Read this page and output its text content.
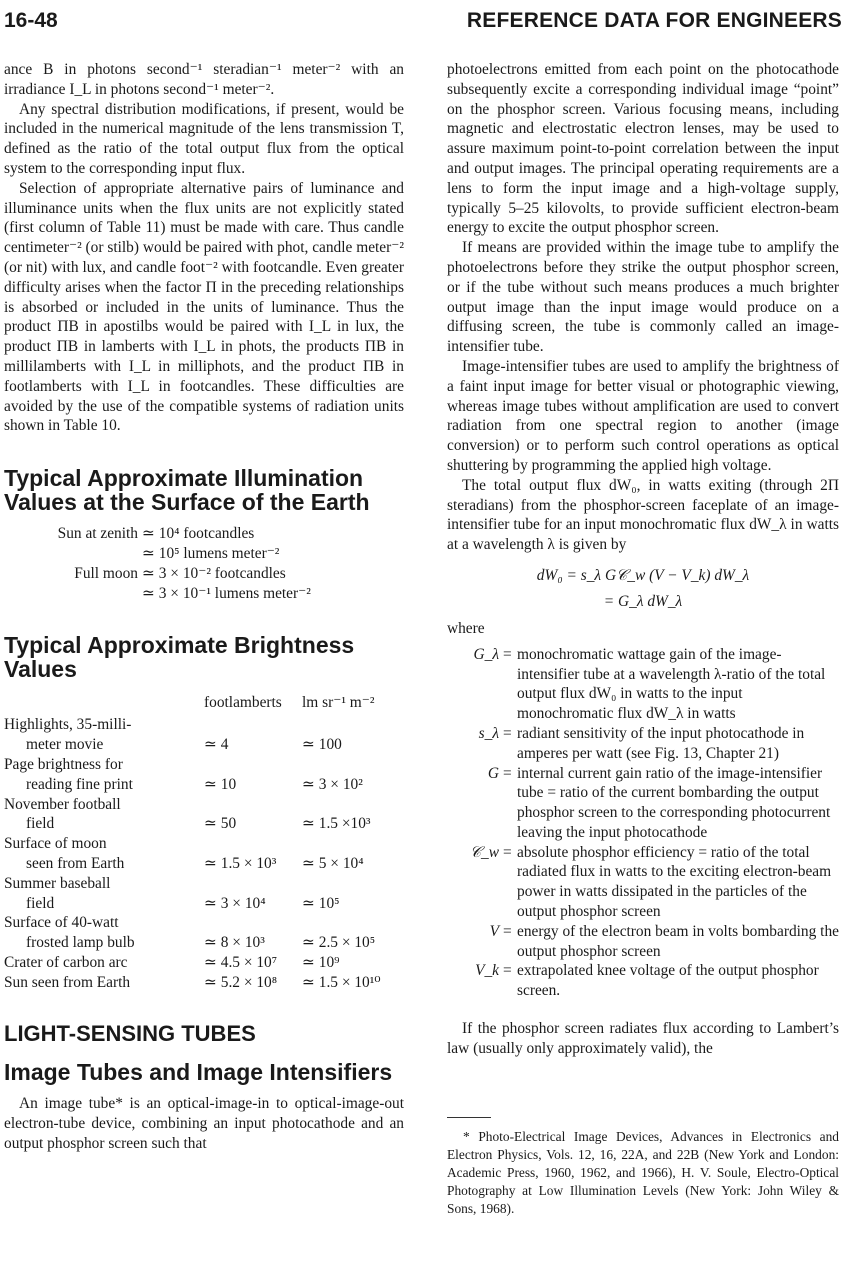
16-48	REFERENCE DATA FOR ENGINEERS

ance B in photons second⁻¹ steradian⁻¹ meter⁻² with an irradiance I_L in photons second⁻¹ meter⁻².

Any spectral distribution modifications, if present, would be included in the numerical magnitude of the lens transmission T, defined as the ratio of the total output flux from the optical system to the corresponding input flux.

Selection of appropriate alternative pairs of luminance and illuminance units when the flux units are not explicitly stated (first column of Table 11) must be made with care. Thus candle centimeter⁻² (or stilb) would be paired with phot, candle meter⁻² (or nit) with lux, and candle foot⁻² with footcandle. Even greater difficulty arises when the factor Π in the preceding relationships is absorbed or included in the units of luminance. Thus the product ΠB in apostilbs would be paired with I_L in lux, the product ΠB in lamberts with I_L in phots, the products ΠB in millilamberts with I_L in milliphots, and the product ΠB in footlamberts with I_L in footcandles. These difficulties are avoided by the use of the compatible systems of radiation units shown in Table 10.

Typical Approximate Illumination Values at the Surface of the Earth
Sun at zenith ≃ 10⁴ footcandles
≃ 10⁵ lumens meter⁻²
Full moon ≃ 3 × 10⁻² footcandles
≃ 3 × 10⁻¹ lumens meter⁻²
Typical Approximate Brightness Values
	footlamberts	lm sr⁻¹ m⁻²

Highlights, 35-milli-
meter movie	≃ 4	≃ 100

Page brightness for
reading fine print	≃ 10	≃ 3 × 10²

November football
field	≃ 50	≃ 1.5 ×10³

Surface of moon
seen from Earth	≃ 1.5 × 10³	≃ 5 × 10⁴

Summer baseball
field	≃ 3 × 10⁴	≃ 10⁵

Surface of 40-watt
frosted lamp bulb	≃ 8 × 10³	≃ 2.5 × 10⁵
Crater of carbon arc	≃ 4.5 × 10⁷	≃ 10⁹
Sun seen from Earth	≃ 5.2 × 10⁸	≃ 1.5 × 10¹⁰
LIGHT-SENSING TUBES
Image Tubes and Image Intensifiers

An image tube* is an optical-image-in to optical-image-out electron-tube device, combining an input photocathode and an output phosphor screen such that

photoelectrons emitted from each point on the photocathode subsequently excite a corresponding individual image “point” on the phosphor screen. Various focusing means, including magnetic and electrostatic electron lenses, may be used to assure maximum point-to-point correlation between the input and output images. The principal operating requirements are a lens to form the input image and a high-voltage supply, typically 5–25 kilovolts, to provide sufficient electron-beam energy to excite the output phosphor screen.

If means are provided within the image tube to amplify the photoelectrons before they strike the output phosphor screen, or if the tube without such means produces a much brighter output image than the input image would produce on a diffusing screen, the tube is commonly called an image-intensifier tube.

Image-intensifier tubes are used to amplify the brightness of a faint input image for better visual or photographic viewing, whereas image tubes without amplification are used to convert radiation from one spectral region to another (image conversion) or to perform such control operations as optical shuttering by programming the applied high voltage.

The total output flux dW₀, in watts exiting (through 2Π steradians) from the phosphor-screen faceplate of an image-intensifier tube for an input monochromatic flux dW_λ in watts at a wavelength λ is given by

dW₀ = s_λ G𝒞_w (V − V_k) dW_λ
= G_λ dW_λ

where

G_λ = monochromatic wattage gain of the image-intensifier tube at a wavelength λ-ratio of the total output flux dW₀ in watts to the input monochromatic flux dW_λ in watts
s_λ = radiant sensitivity of the input photocathode in amperes per watt (see Fig. 13, Chapter 21)
G = internal current gain ratio of the image-intensifier tube = ratio of the current bombarding the output phosphor screen to the corresponding photocurrent leaving the input photocathode
𝒞_w = absolute phosphor efficiency = ratio of the total radiated flux in watts to the exciting electron-beam power in watts dissipated in the particles of the output phosphor screen
V = energy of the electron beam in volts bombarding the output phosphor screen
V_k = extrapolated knee voltage of the output phosphor screen.

If the phosphor screen radiates flux according to Lambert’s law (usually only approximately valid), the

* Photo-Electrical Image Devices, Advances in Electronics and Electron Physics, Vols. 12, 16, 22A, and 22B (New York and London: Academic Press, 1960, 1962, and 1966), H. V. Soule, Electro-Optical Photography at Low Illumination Levels (New York: John Wiley & Sons, 1968).
